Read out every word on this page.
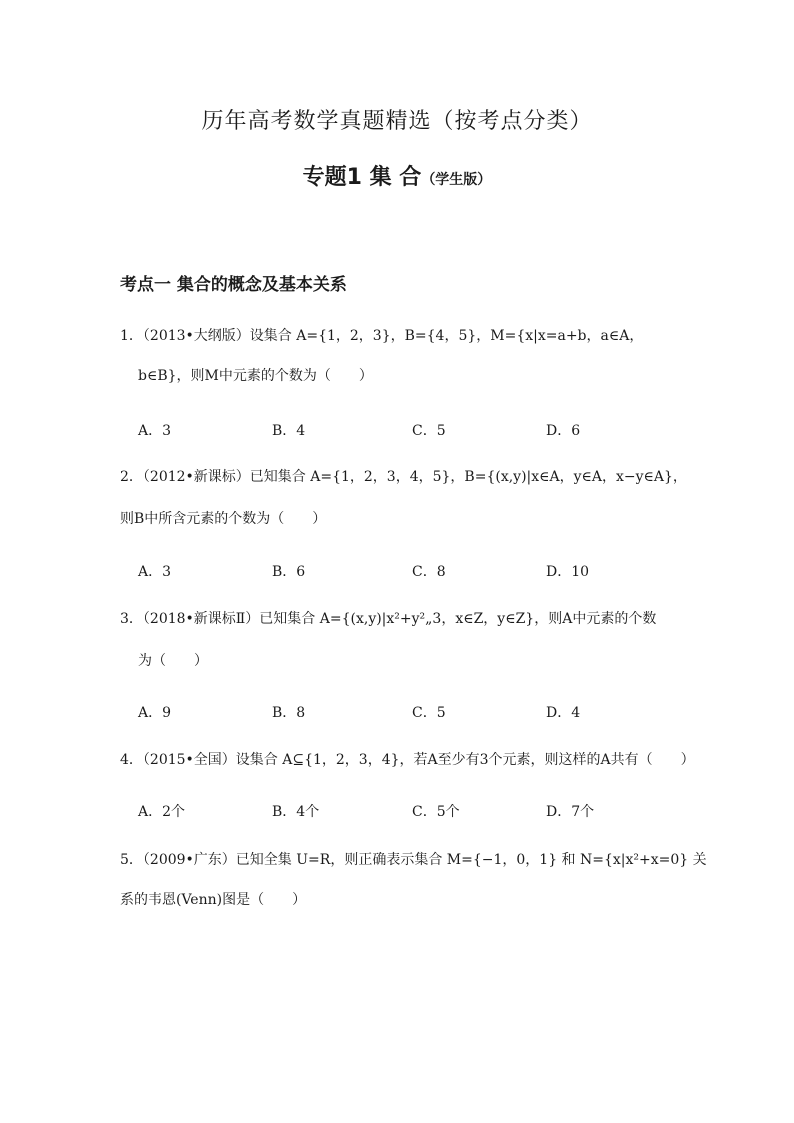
历年高考数学真题精选（按考点分类）
专题1 集 合（学生版）
考点一 集合的概念及基本关系
1．（2013•大纲版）设集合 A={1，2，3}，B={4，5}，M={x|x=a+b，a∈A，
b∈B}，则M中元素的个数为（　　）
A．3	B．4	C．5	D．6
2．（2012•新课标）已知集合 A={1，2，3，4，5}，B={(x,y)|x∈A，y∈A，x−y∈A}，
则B中所含元素的个数为（　　）
A．3	B．6	C．8	D．10
3．（2018•新课标Ⅱ）已知集合 A={(x,y)|x²+y²„3，x∈Z，y∈Z}，则A中元素的个数
为（　　）
A．9	B．8	C．5	D．4
4．（2015•全国）设集合 A⊆{1，2，3，4}，若A至少有3个元素，则这样的A共有（　　）
A．2个	B．4个	C．5个	D．7个
5．（2009•广东）已知全集 U=R，则正确表示集合 M={−1，0，1} 和 N={x|x²+x=0} 关
系的韦恩(Venn)图是（　　）
